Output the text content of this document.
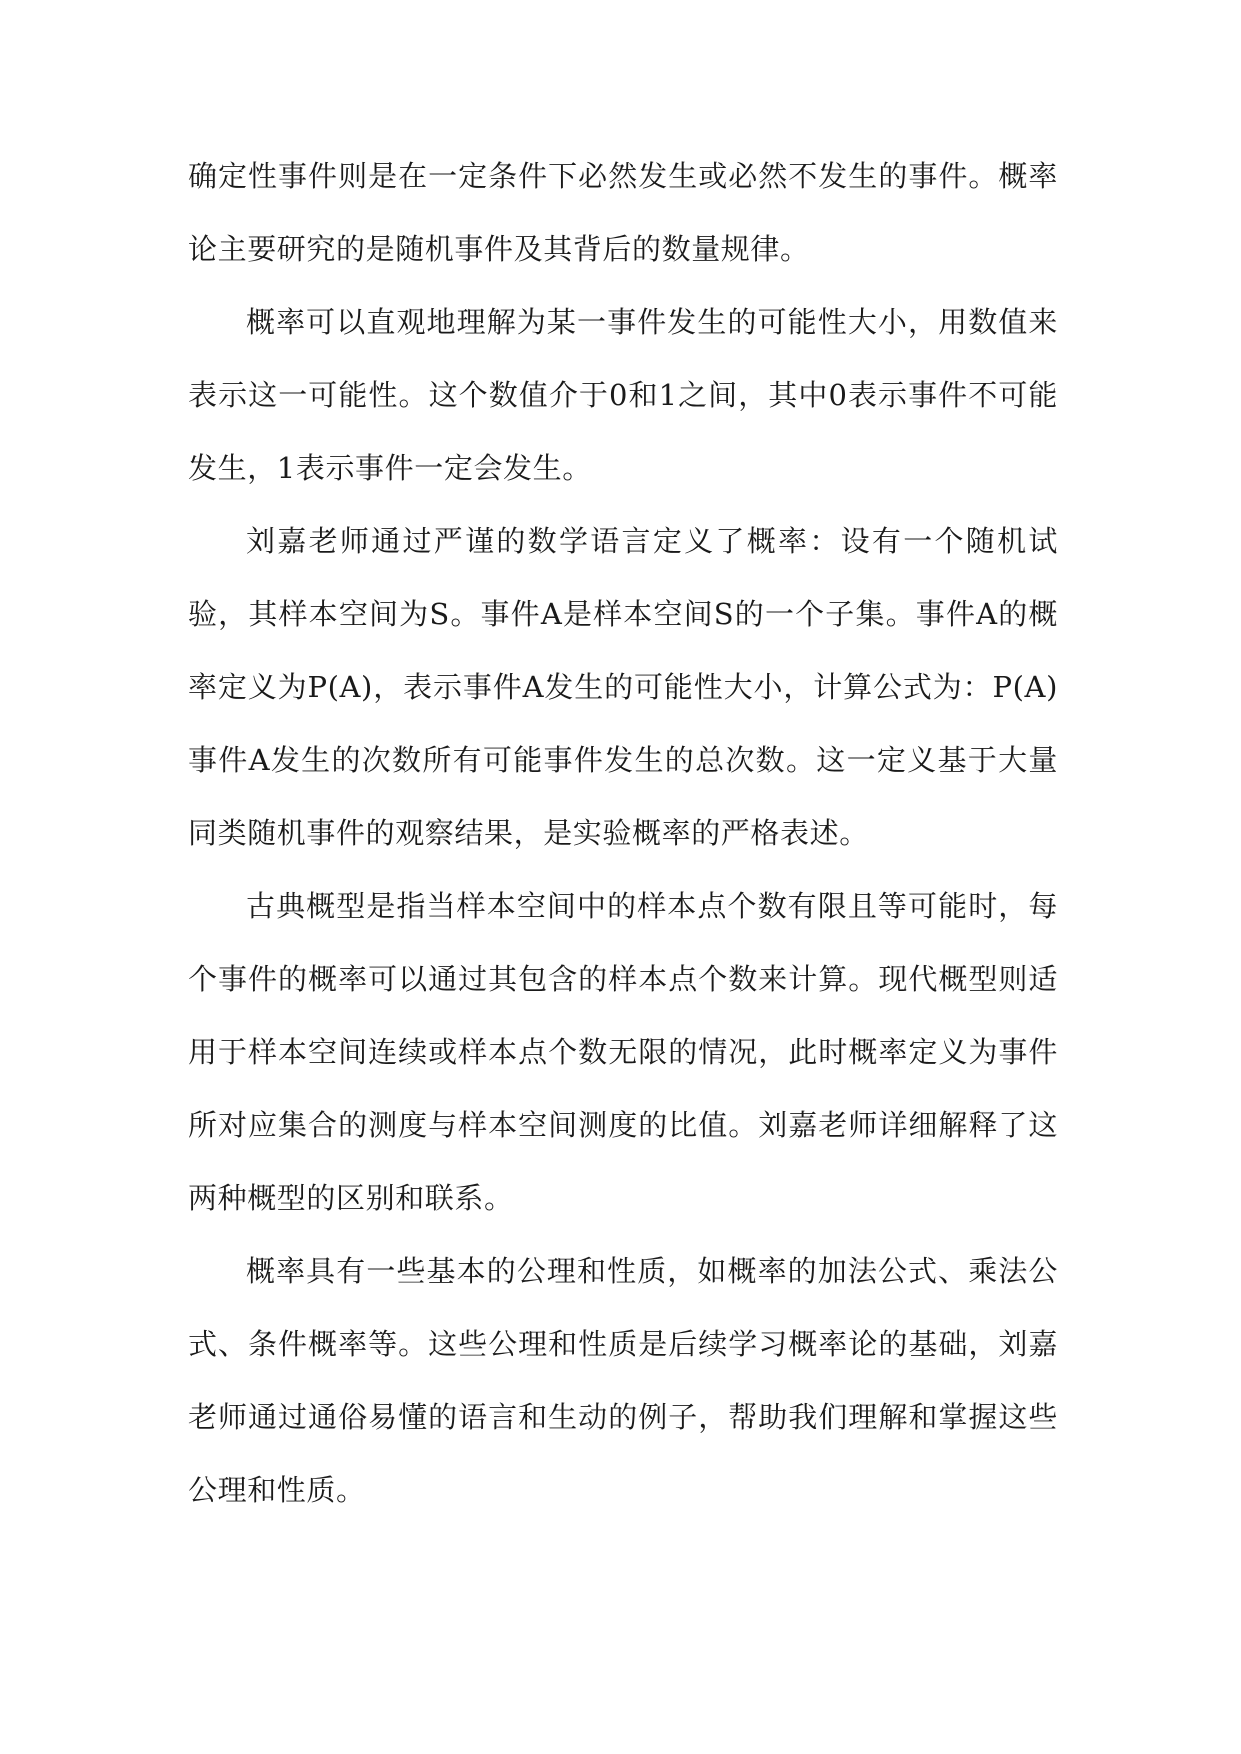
确定性事件则是在一定条件下必然发生或必然不发生的事件。概率论主要研究的是随机事件及其背后的数量规律。

概率可以直观地理解为某一事件发生的可能性大小，用数值来表示这一可能性。这个数值介于0和1之间，其中0表示事件不可能发生，1表示事件一定会发生。

刘嘉老师通过严谨的数学语言定义了概率：设有一个随机试验，其样本空间为S。事件A是样本空间S的一个子集。事件A的概率定义为P(A)，表示事件A发生的可能性大小，计算公式为：P(A)事件A发生的次数所有可能事件发生的总次数。这一定义基于大量同类随机事件的观察结果，是实验概率的严格表述。

古典概型是指当样本空间中的样本点个数有限且等可能时，每个事件的概率可以通过其包含的样本点个数来计算。现代概型则适用于样本空间连续或样本点个数无限的情况，此时概率定义为事件所对应集合的测度与样本空间测度的比值。刘嘉老师详细解释了这两种概型的区别和联系。

概率具有一些基本的公理和性质，如概率的加法公式、乘法公式、条件概率等。这些公理和性质是后续学习概率论的基础，刘嘉老师通过通俗易懂的语言和生动的例子，帮助我们理解和掌握这些公理和性质。
